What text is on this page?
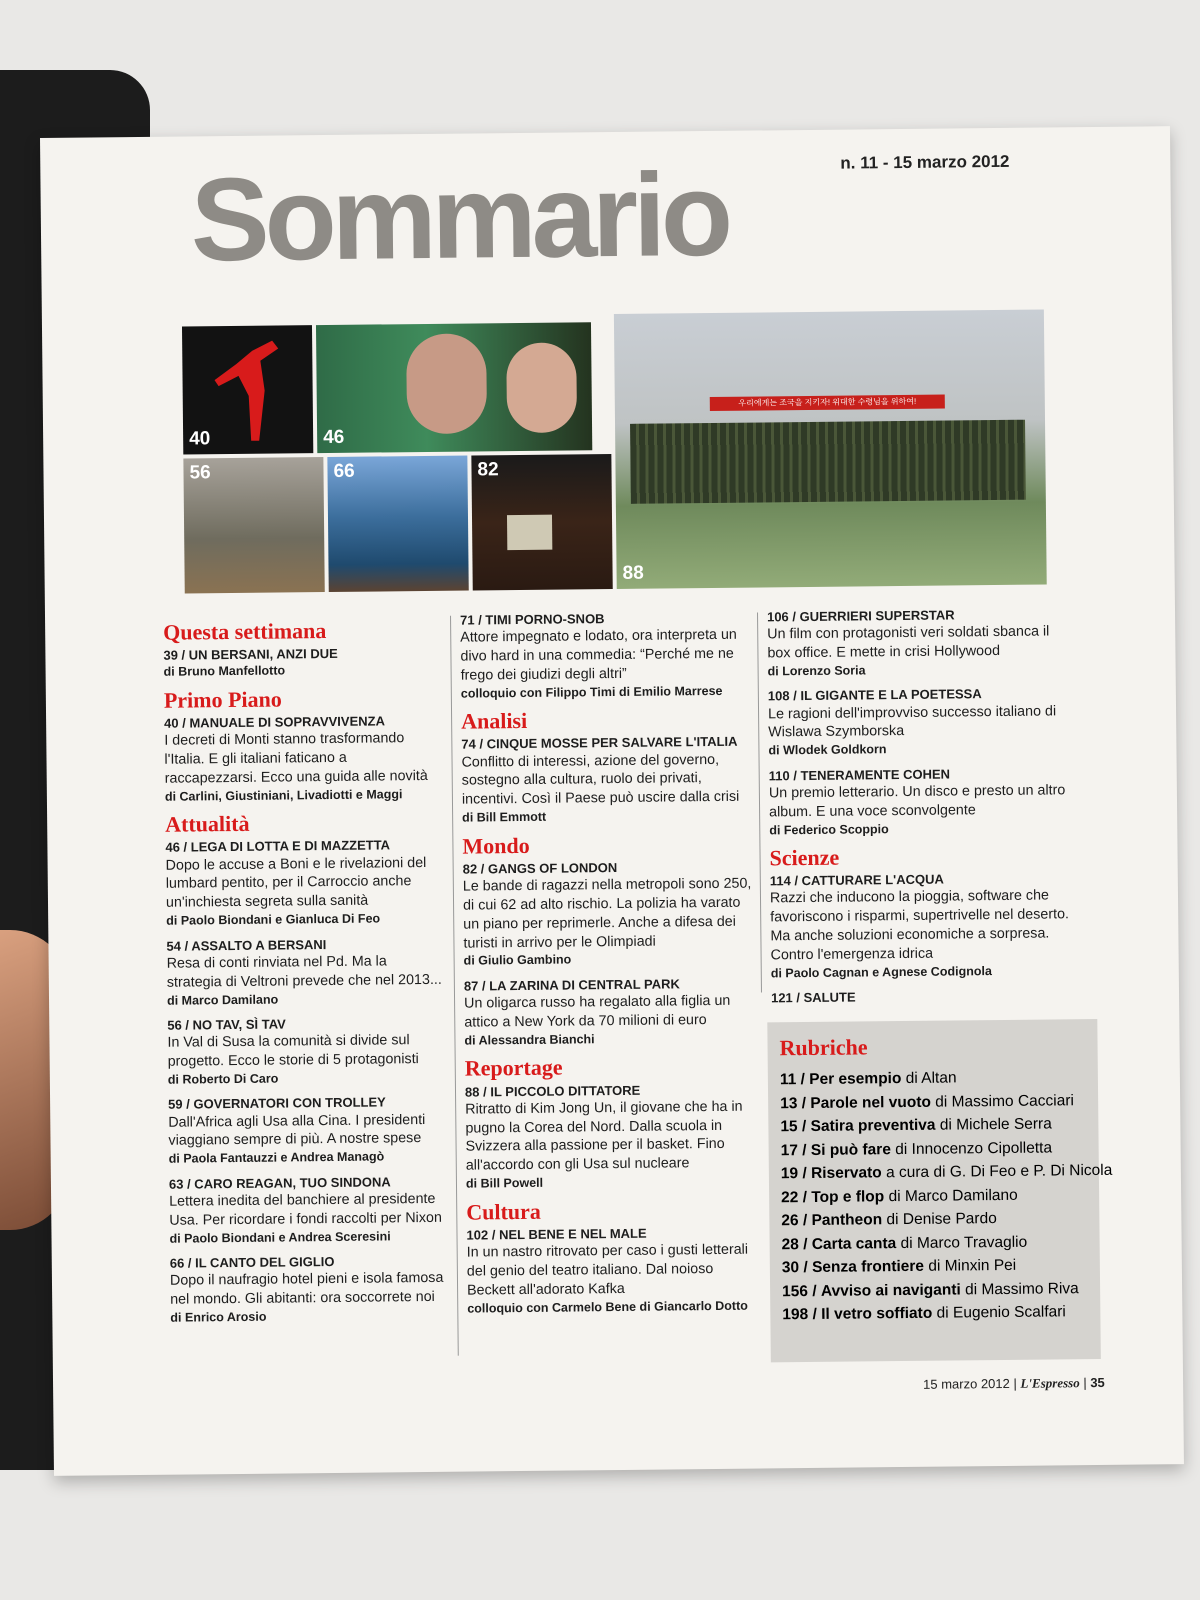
n. 11 - 15 marzo 2012
Sommario
40	46
56	66	82
우리에게는 조국을 지키자! 위대한 수령님을 위하여!
88
Questa settimana
39 / UN BERSANI, ANZI DUE
di Bruno Manfellotto
Primo Piano
40 / MANUALE DI SOPRAVVIVENZA
I decreti di Monti stanno trasformando l'Italia. E gli italiani faticano a raccapezzarsi. Ecco una guida alle novità
di Carlini, Giustiniani, Livadiotti e Maggi
Attualità
46 / LEGA DI LOTTA E DI MAZZETTA
Dopo le accuse a Boni e le rivelazioni del lumbard pentito, per il Carroccio anche un'inchiesta segreta sulla sanità
di Paolo Biondani e Gianluca Di Feo
54 / ASSALTO A BERSANI
Resa di conti rinviata nel Pd. Ma la strategia di Veltroni prevede che nel 2013...
di Marco Damilano
56 / NO TAV, SÌ TAV
In Val di Susa la comunità si divide sul progetto. Ecco le storie di 5 protagonisti
di Roberto Di Caro
59 / GOVERNATORI CON TROLLEY
Dall'Africa agli Usa alla Cina. I presidenti viaggiano sempre di più. A nostre spese
di Paola Fantauzzi e Andrea Managò
63 / CARO REAGAN, TUO SINDONA
Lettera inedita del banchiere al presidente Usa. Per ricordare i fondi raccolti per Nixon
di Paolo Biondani e Andrea Sceresini
66 / IL CANTO DEL GIGLIO
Dopo il naufragio hotel pieni e isola famosa nel mondo. Gli abitanti: ora soccorrete noi
di Enrico Arosio
71 / TIMI PORNO-SNOB
Attore impegnato e lodato, ora interpreta un divo hard in una commedia: “Perché me ne frego dei giudizi degli altri”
colloquio con Filippo Timi di Emilio Marrese
Analisi
74 / CINQUE MOSSE PER SALVARE L'ITALIA
Conflitto di interessi, azione del governo, sostegno alla cultura, ruolo dei privati, incentivi. Così il Paese può uscire dalla crisi
di Bill Emmott
Mondo
82 / GANGS OF LONDON
Le bande di ragazzi nella metropoli sono 250, di cui 62 ad alto rischio. La polizia ha varato un piano per reprimerle. Anche a difesa dei turisti in arrivo per le Olimpiadi
di Giulio Gambino
87 / LA ZARINA DI CENTRAL PARK
Un oligarca russo ha regalato alla figlia un attico a New York da 70 milioni di euro
di Alessandra Bianchi
Reportage
88 / IL PICCOLO DITTATORE
Ritratto di Kim Jong Un, il giovane che ha in pugno la Corea del Nord. Dalla scuola in Svizzera alla passione per il basket. Fino all'accordo con gli Usa sul nucleare
di Bill Powell
Cultura
102 / NEL BENE E NEL MALE
In un nastro ritrovato per caso i gusti letterali del genio del teatro italiano. Dal noioso Beckett all'adorato Kafka
colloquio con Carmelo Bene di Giancarlo Dotto
106 / GUERRIERI SUPERSTAR
Un film con protagonisti veri soldati sbanca il box office. E mette in crisi Hollywood
di Lorenzo Soria
108 / IL GIGANTE E LA POETESSA
Le ragioni dell'improvviso successo italiano di Wislawa Szymborska
di Wlodek Goldkorn
110 / TENERAMENTE COHEN
Un premio letterario. Un disco e presto un altro album. E una voce sconvolgente
di Federico Scoppio
Scienze
114 / CATTURARE L'ACQUA
Razzi che inducono la pioggia, software che favoriscono i risparmi, supertrivelle nel deserto. Ma anche soluzioni economiche a sorpresa. Contro l'emergenza idrica
di Paolo Cagnan e Agnese Codignola
121 / SALUTE
Rubriche
11 / Per esempio di Altan
13 / Parole nel vuoto di Massimo Cacciari
15 / Satira preventiva di Michele Serra
17 / Si può fare di Innocenzo Cipolletta
19 / Riservato a cura di G. Di Feo e P. Di Nicola
22 / Top e flop di Marco Damilano
26 / Pantheon di Denise Pardo
28 / Carta canta di Marco Travaglio
30 / Senza frontiere di Minxin Pei
156 / Avviso ai naviganti di Massimo Riva
198 / Il vetro soffiato di Eugenio Scalfari
15 marzo 2012 | L'Espresso | 35
